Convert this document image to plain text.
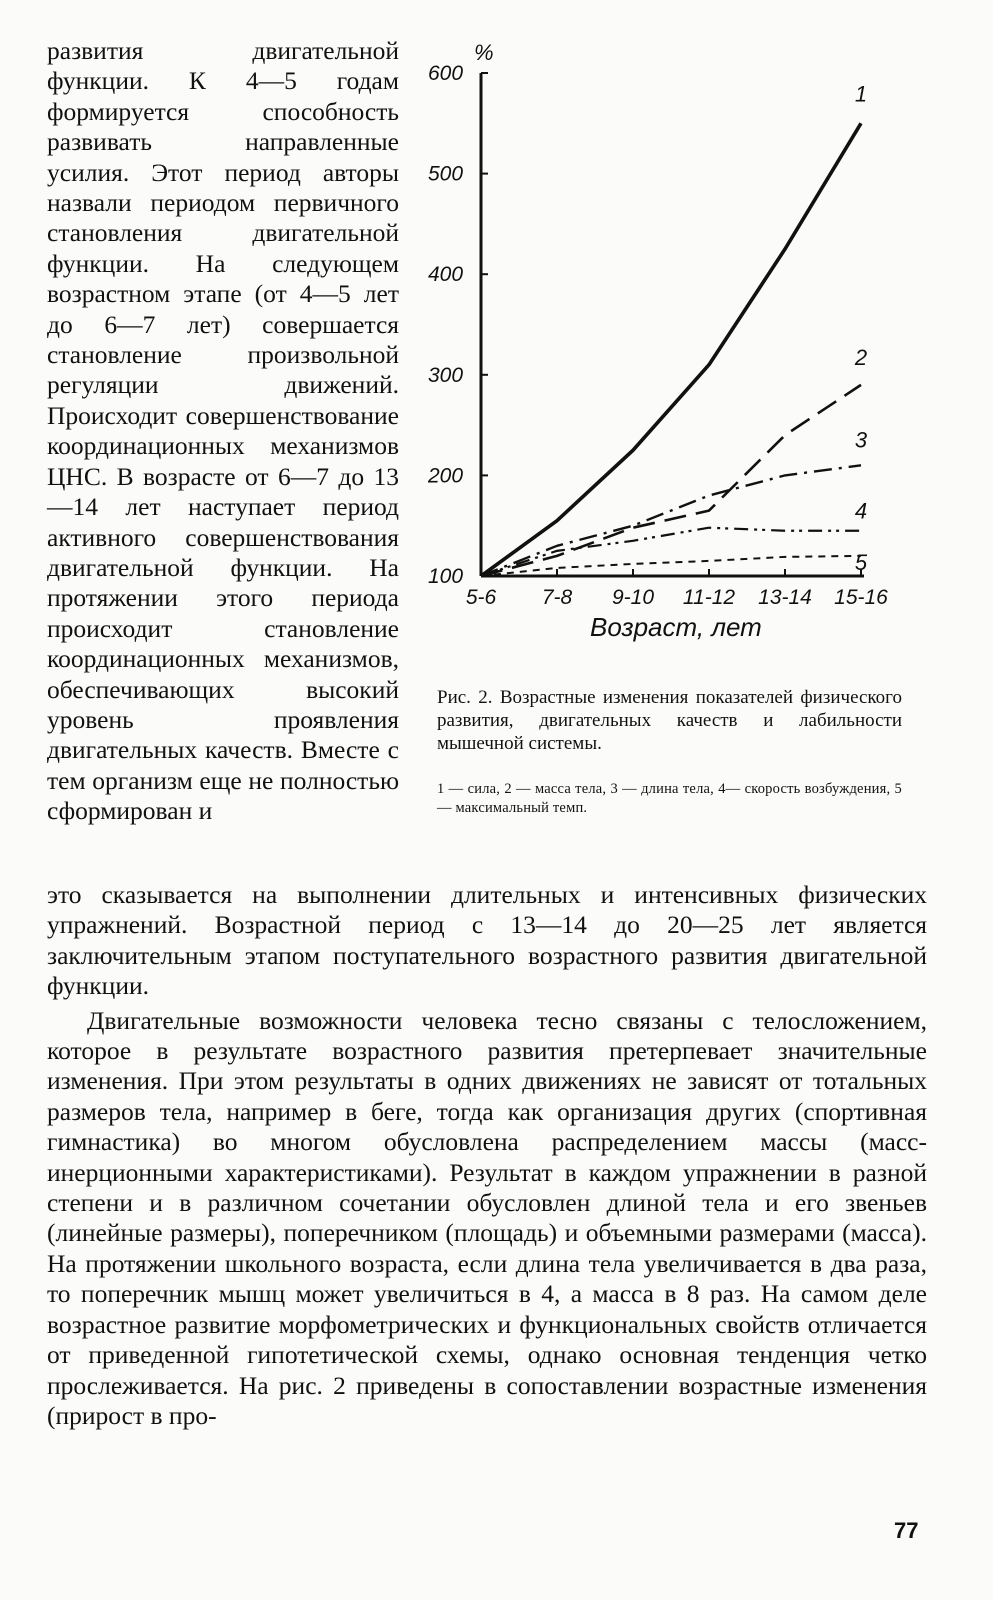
развития двигательной функции. К 4—5 годам формируется способность развивать направленные усилия. Этот период авторы назвали периодом первичного становления двигательной функции. На следующем возрастном этапе (от 4—5 лет до 6—7 лет) совершается становление произвольной регуляции движений. Происходит совершенствование координационных механизмов ЦНС. В возрасте от 6—7 до 13—14 лет наступает период активного совершенствования двигательной функции. На протяжении этого периода происходит становление координационных механизмов, обеспечивающих высокий уровень проявления двигательных качеств. Вместе с тем организм еще не полностью сформирован и
%
100
200
300
400
500
600
5-6 7-8 9-10 11-12 13-14 15-16
1
2
3
4
5
Возраст, лет
Рис. 2. Возрастные изменения показателей физического развития, двигательных качеств и лабильности мышечной системы.
1 — сила, 2 — масса тела, 3 — длина тела, 4— скорость возбуждения, 5 — максимальный темп.

это сказывается на выполнении длительных и интенсивных физических упражнений. Возрастной период с 13—14 до 20—25 лет является заключительным этапом поступательного возрастного развития двигательной функции.

Двигательные возможности человека тесно связаны с телосложением, которое в результате возрастного развития претерпевает значительные изменения. При этом результаты в одних движениях не зависят от тотальных размеров тела, например в беге, тогда как организация других (спортивная гимнастика) во многом обусловлена распределением массы (масс-инерционными характеристиками). Результат в каждом упражнении в разной степени и в различном сочетании обусловлен длиной тела и его звеньев (линейные размеры), поперечником (площадь) и объемными размерами (масса). На протяжении школьного возраста, если длина тела увеличивается в два раза, то поперечник мышц может увеличиться в 4, а масса в 8 раз. На самом деле возрастное развитие морфометрических и функциональных свойств отличается от приведенной гипотетической схемы, однако основная тенденция четко прослеживается. На рис. 2 приведены в сопоставлении возрастные изменения (прирост в про-

77
